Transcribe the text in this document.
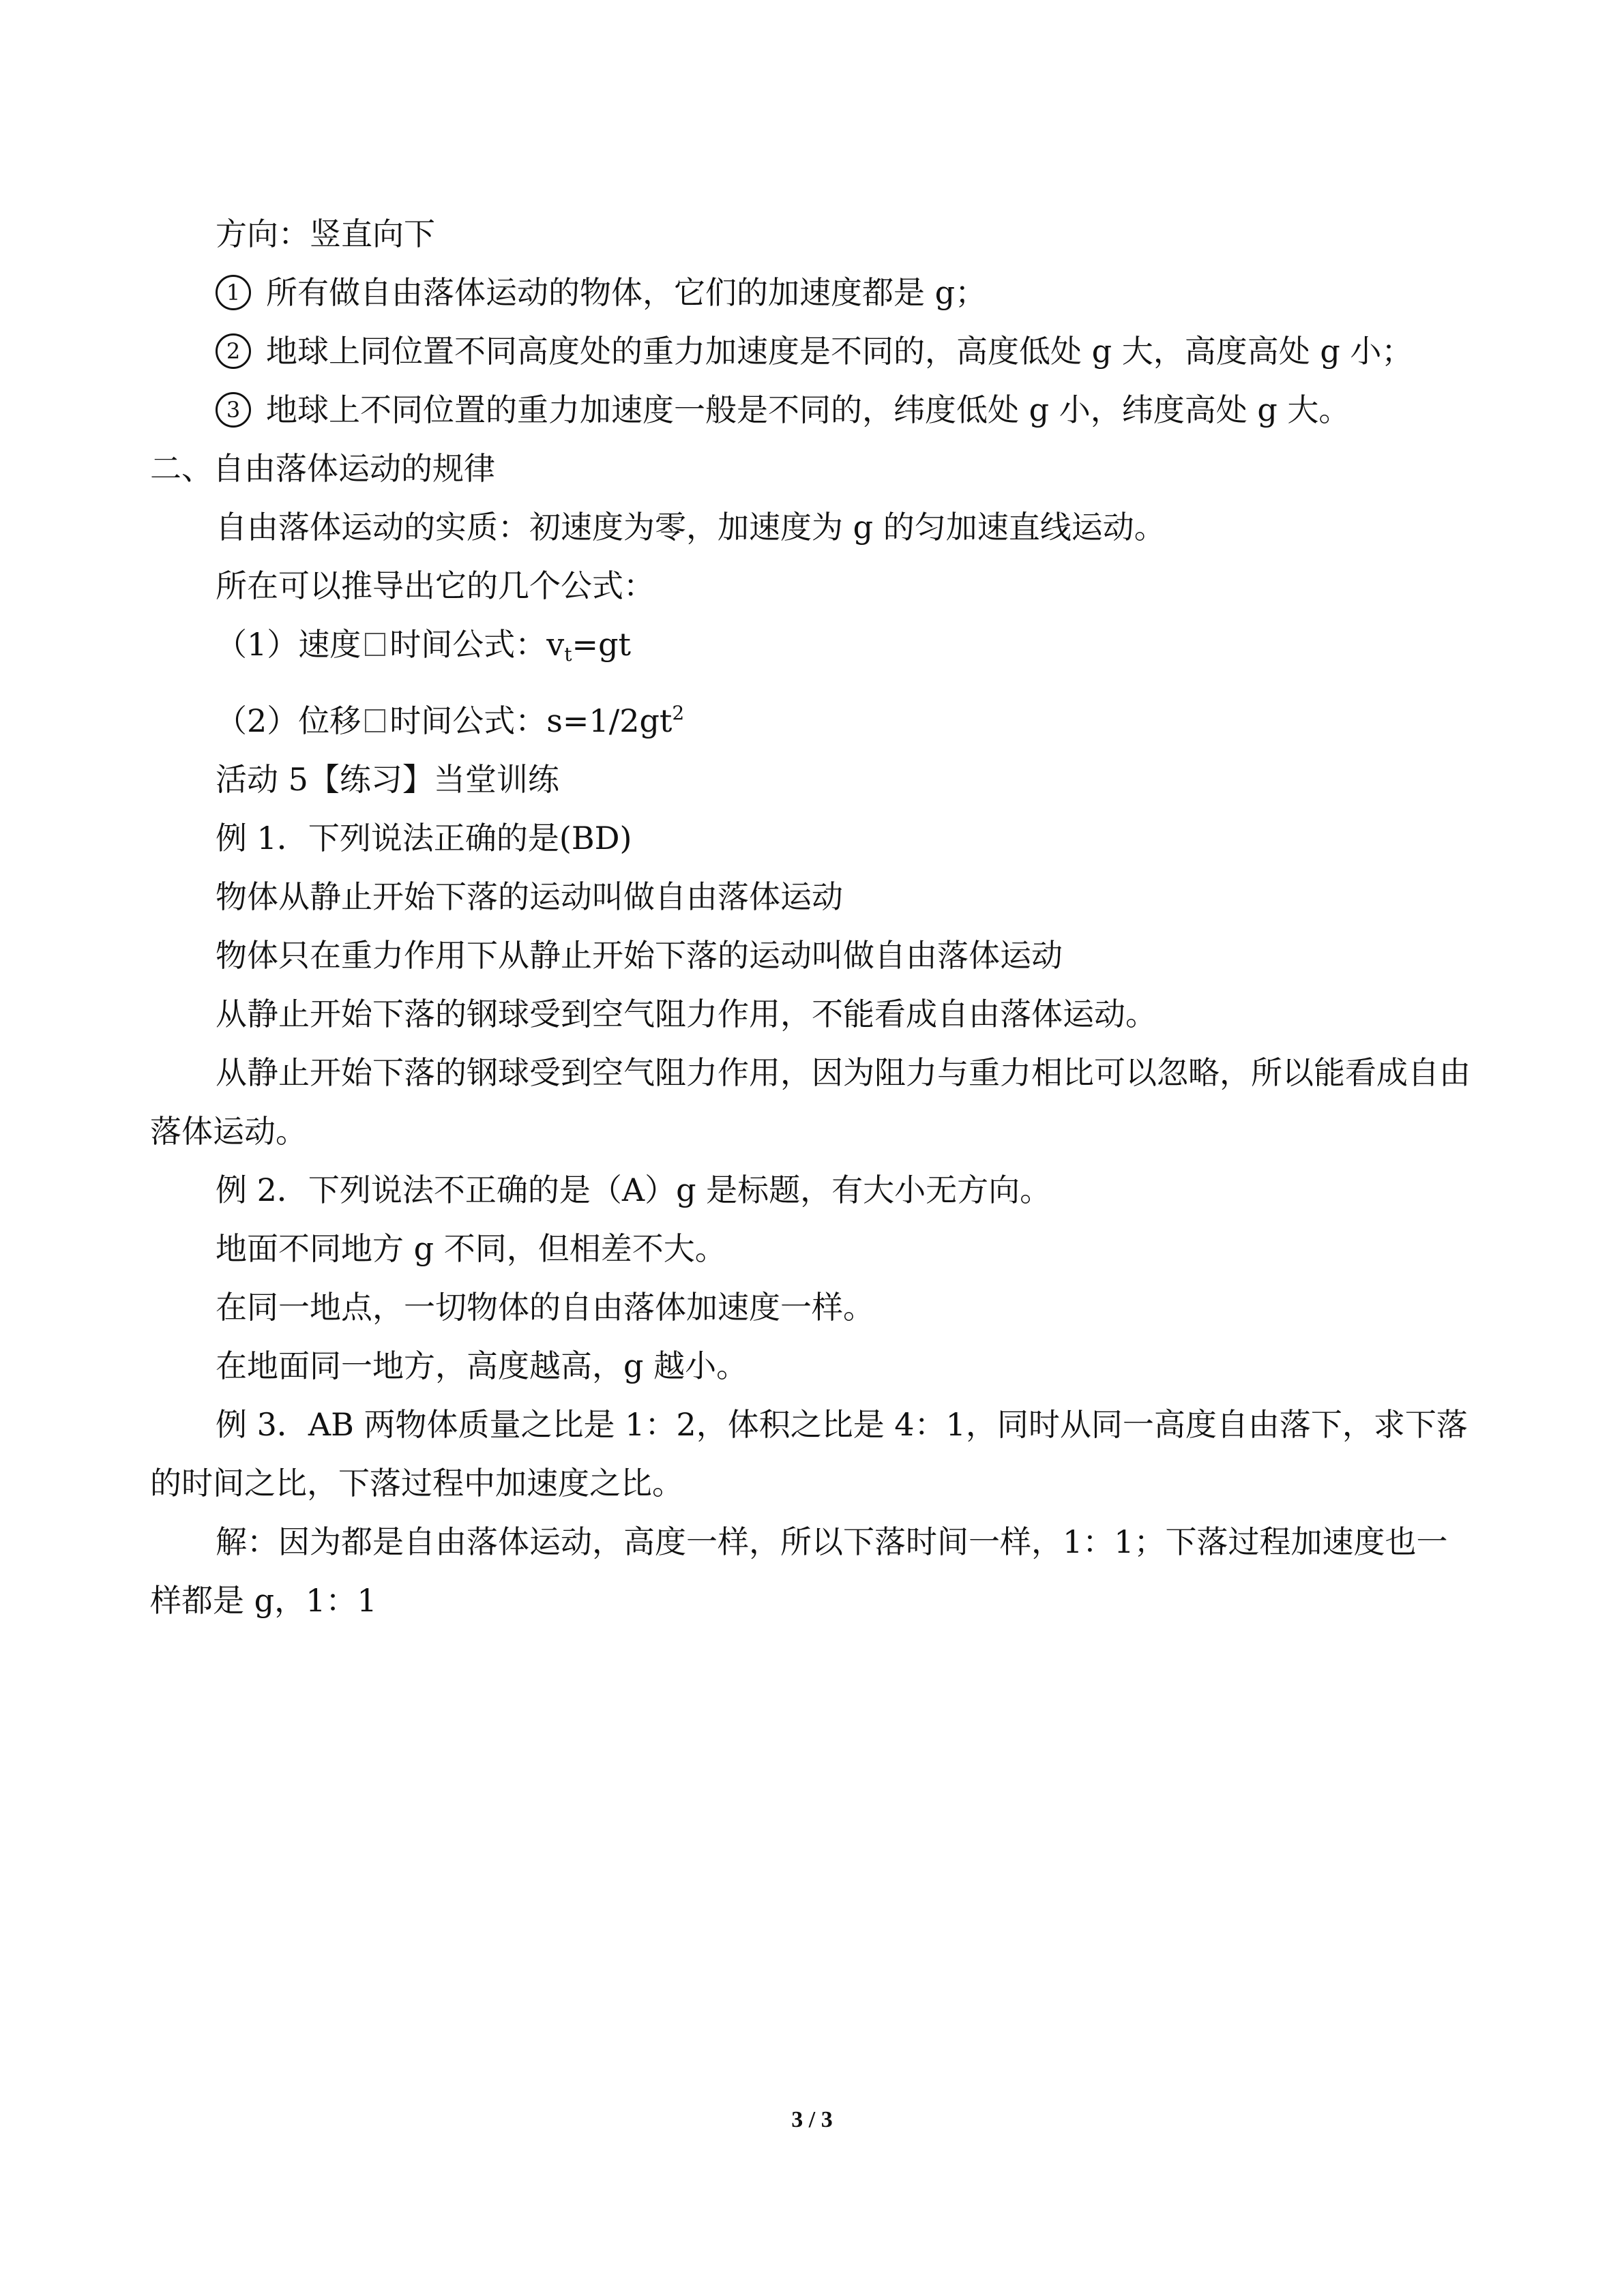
方向：竖直向下
1 所有做自由落体运动的物体，它们的加速度都是 g；
2 地球上同位置不同高度处的重力加速度是不同的，高度低处 g 大，高度高处 g 小；
3 地球上不同位置的重力加速度一般是不同的，纬度低处 g 小，纬度高处 g 大。
二、自由落体运动的规律
自由落体运动的实质：初速度为零，加速度为 g 的匀加速直线运动。
所在可以推导出它的几个公式：
（1）速度 时间公式：$v_t=gt$
（2）位移 时间公式：$s=1/2gt^2$
活动 5【练习】当堂训练
例 1．下列说法正确的是(BD)
物体从静止开始下落的运动叫做自由落体运动
物体只在重力作用下从静止开始下落的运动叫做自由落体运动
从静止开始下落的钢球受到空气阻力作用，不能看成自由落体运动。
从静止开始下落的钢球受到空气阻力作用，因为阻力与重力相比可以忽略，所以能看成自由落体运动。
例 2．下列说法不正确的是（A）g 是标题，有大小无方向。
地面不同地方 g 不同，但相差不大。
在同一地点，一切物体的自由落体加速度一样。
在地面同一地方，高度越高，g 越小。
例 3．AB 两物体质量之比是 1：2，体积之比是 4：1，同时从同一高度自由落下，求下落的时间之比，下落过程中加速度之比。
解：因为都是自由落体运动，高度一样，所以下落时间一样，1：1；下落过程加速度也一样都是 g，1：1
3 / 3
